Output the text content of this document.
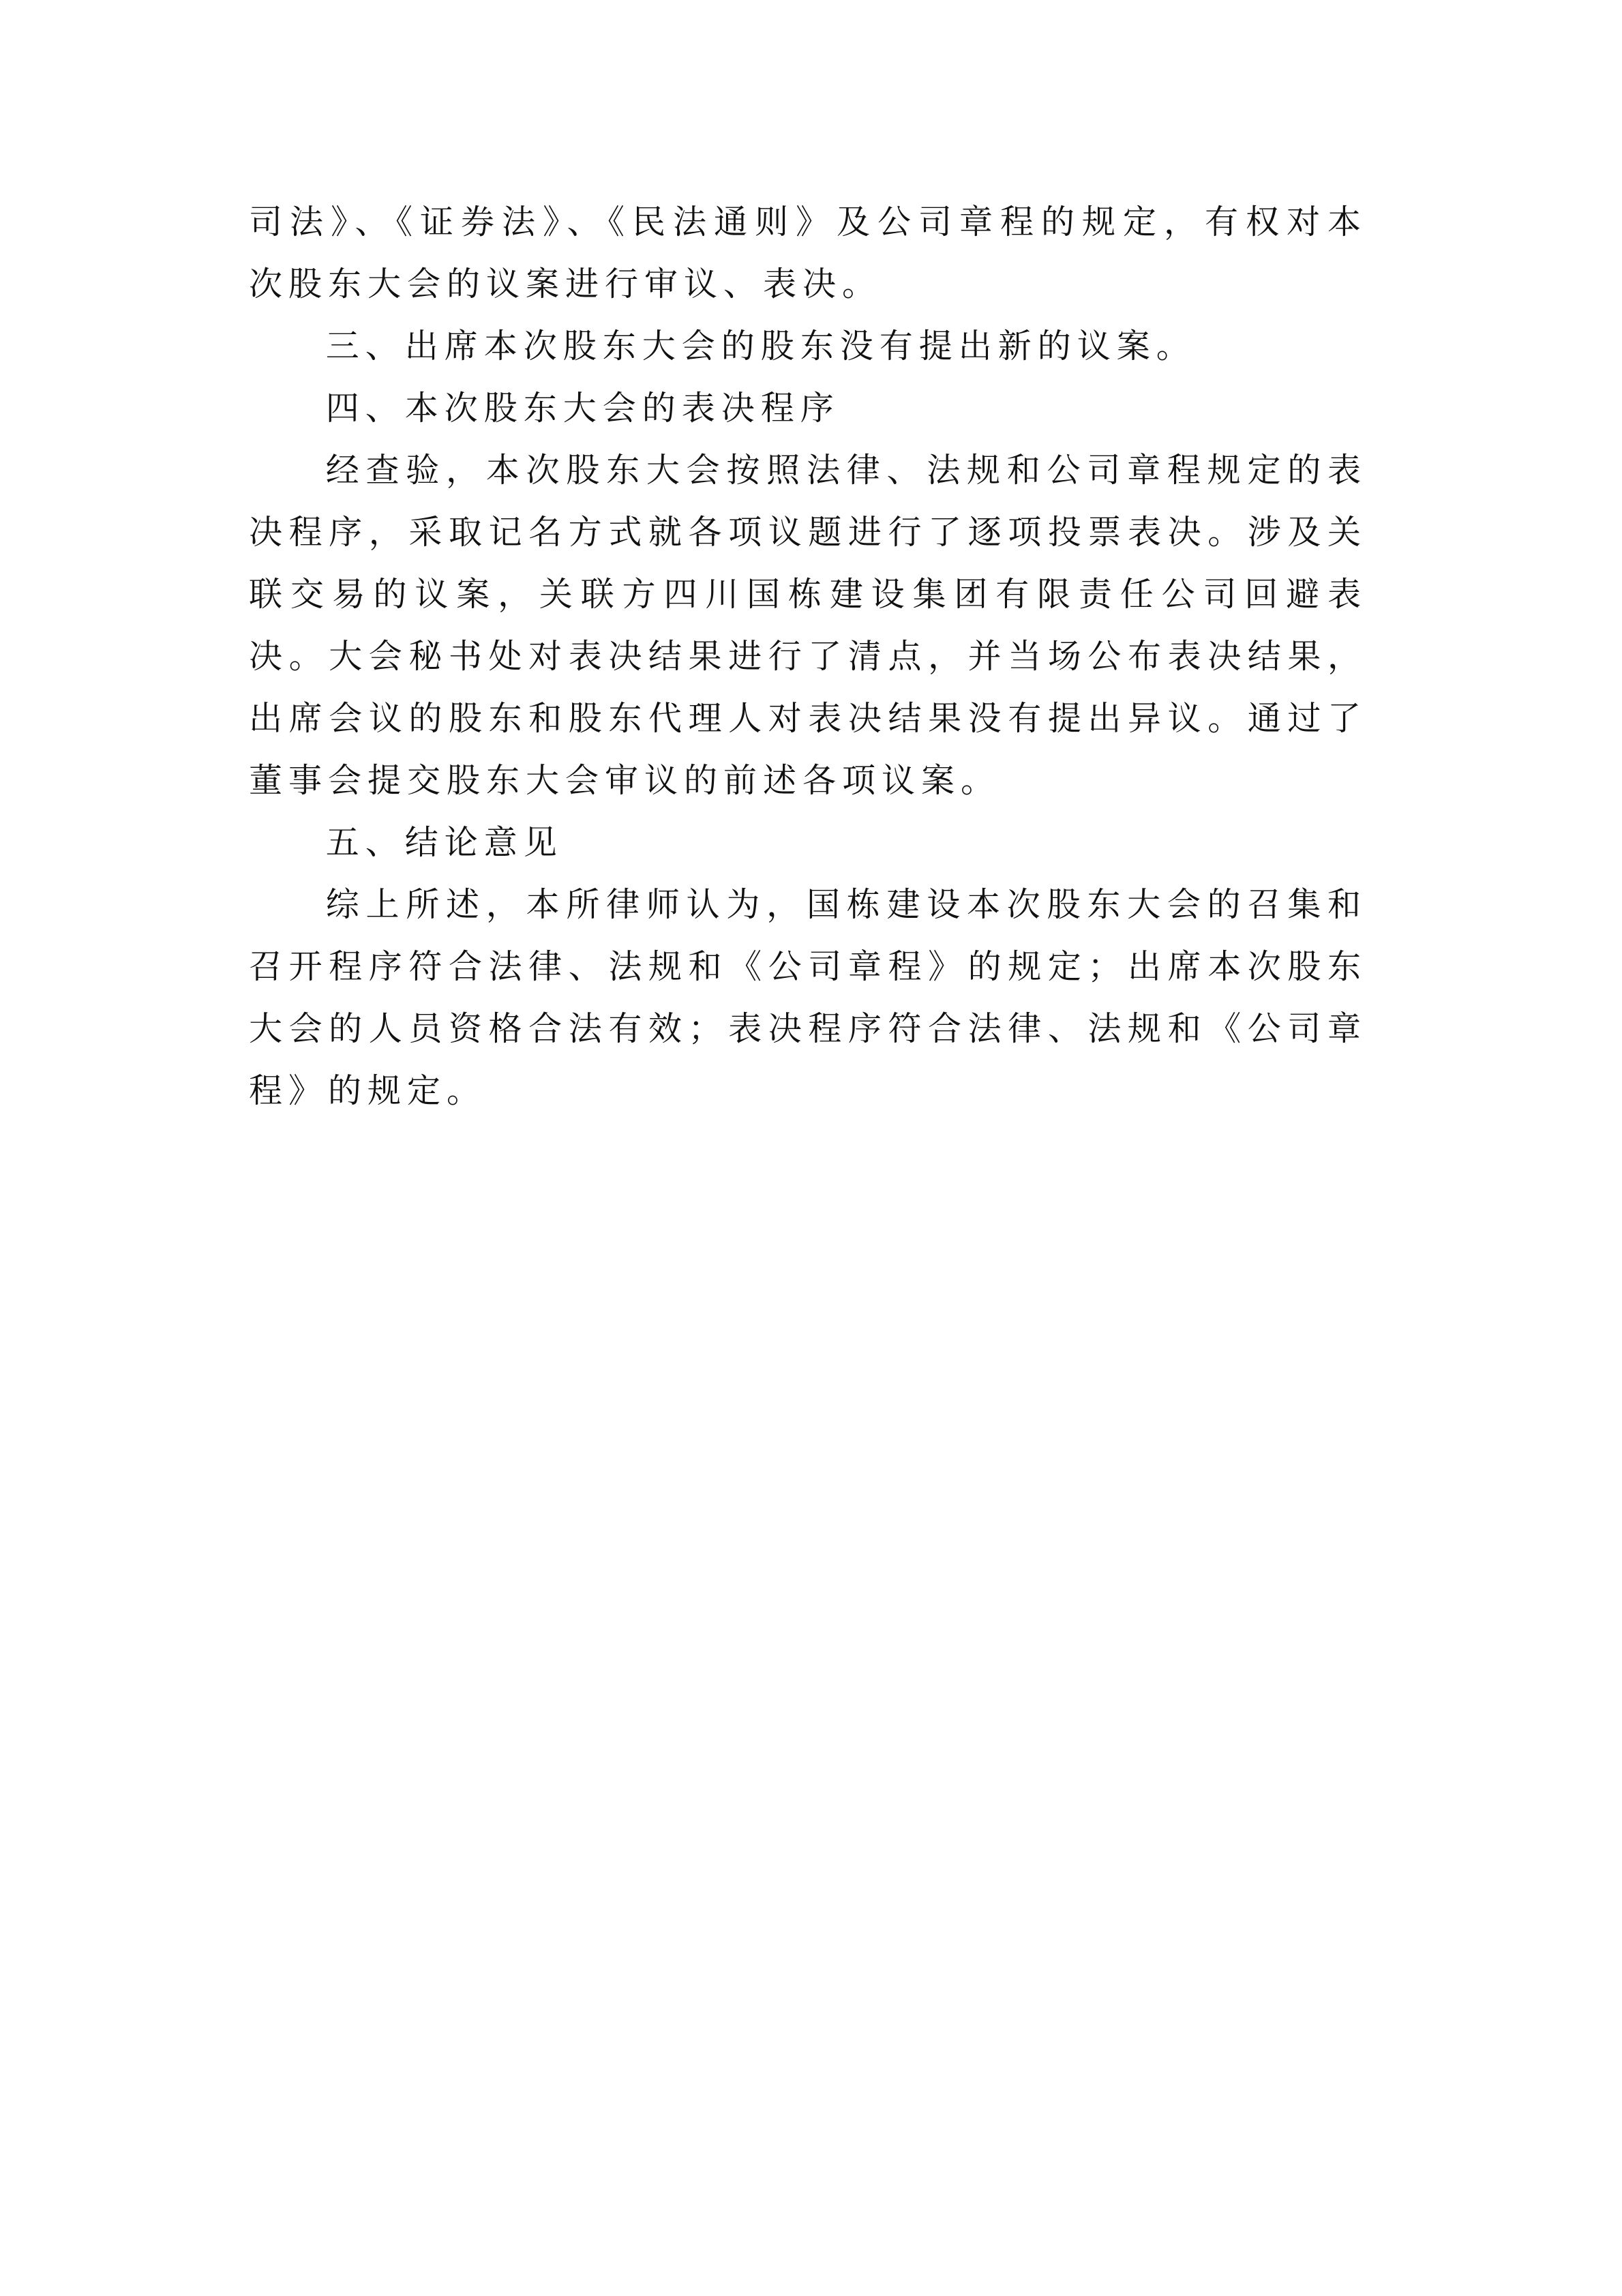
司法》、《证券法》、《民法通则》及公司章程的规定，有权对本次股东大会的议案进行审议、表决。

三、出席本次股东大会的股东没有提出新的议案。

四、本次股东大会的表决程序

经查验，本次股东大会按照法律、法规和公司章程规定的表决程序，采取记名方式就各项议题进行了逐项投票表决。涉及关联交易的议案，关联方四川国栋建设集团有限责任公司回避表决。大会秘书处对表决结果进行了清点，并当场公布表决结果，出席会议的股东和股东代理人对表决结果没有提出异议。通过了董事会提交股东大会审议的前述各项议案。

五、结论意见

综上所述，本所律师认为，国栋建设本次股东大会的召集和召开程序符合法律、法规和《公司章程》的规定；出席本次股东大会的人员资格合法有效；表决程序符合法律、法规和《公司章程》的规定。
